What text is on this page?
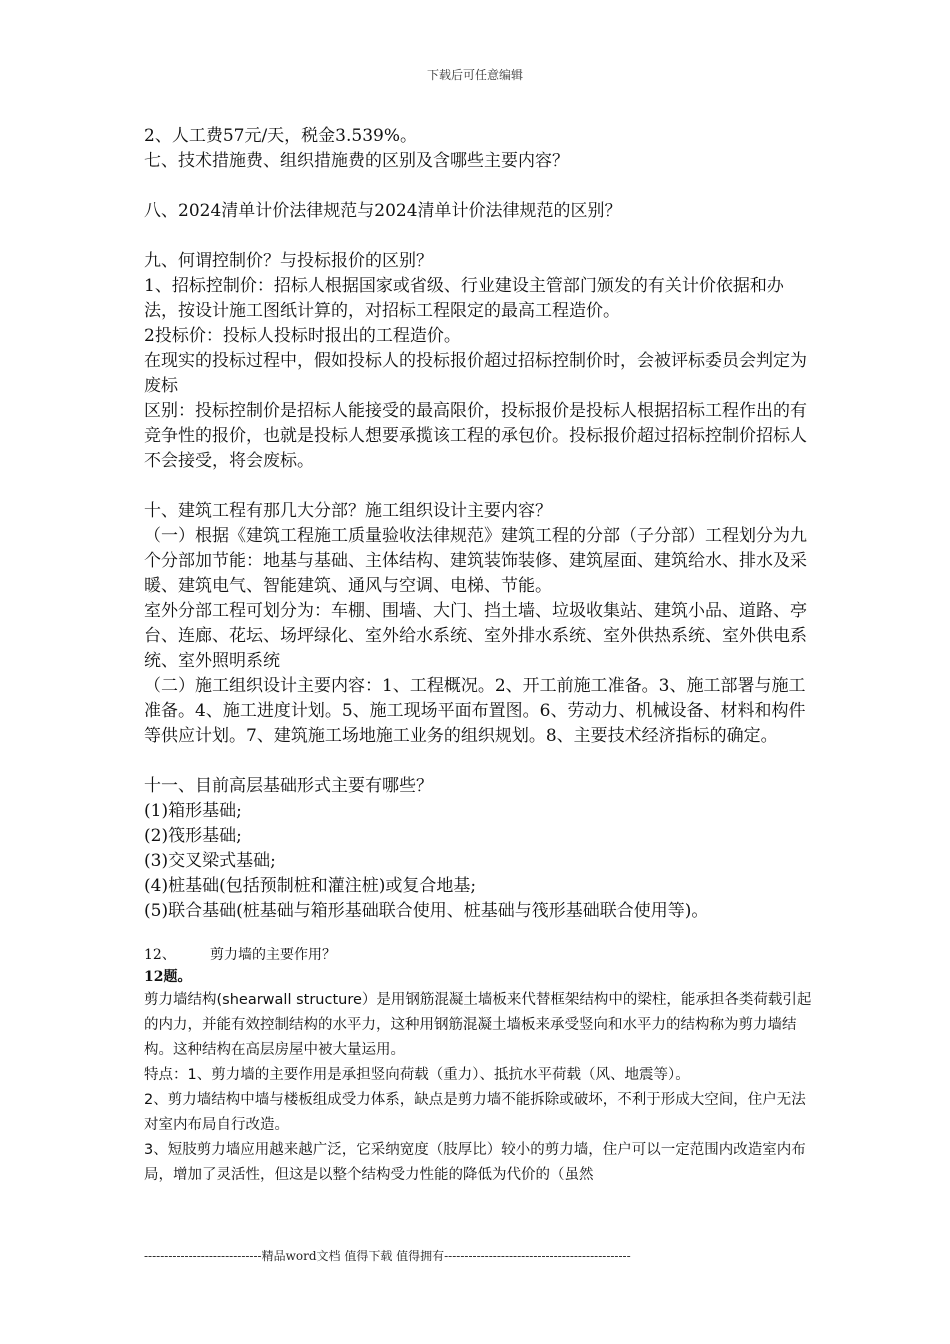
下载后可任意编辑

2、人工费57元/天，税金3.539%。

七、技术措施费、组织措施费的区别及含哪些主要内容？

八、2024清单计价法律规范与2024清单计价法律规范的区别？

九、何谓控制价？与投标报价的区别？

1、招标控制价：招标人根据国家或省级、行业建设主管部门颁发的有关计价依据和办法，按设计施工图纸计算的，对招标工程限定的最高工程造价。

2投标价：投标人投标时报出的工程造价。

在现实的投标过程中，假如投标人的投标报价超过招标控制价时，会被评标委员会判定为废标

区别：投标控制价是招标人能接受的最高限价，投标报价是投标人根据招标工程作出的有竞争性的报价，也就是投标人想要承揽该工程的承包价。投标报价超过招标控制价招标人不会接受，将会废标。

十、建筑工程有那几大分部？施工组织设计主要内容？

（一）根据《建筑工程施工质量验收法律规范》建筑工程的分部（子分部）工程划分为九个分部加节能：地基与基础、主体结构、建筑装饰装修、建筑屋面、建筑给水、排水及采暖、建筑电气、智能建筑、通风与空调、电梯、节能。

室外分部工程可划分为：车棚、围墙、大门、挡土墙、垃圾收集站、建筑小品、道路、亭台、连廊、花坛、场坪绿化、室外给水系统、室外排水系统、室外供热系统、室外供电系统、室外照明系统

（二）施工组织设计主要内容：1、工程概况。2、开工前施工准备。3、施工部署与施工准备。4、施工进度计划。5、施工现场平面布置图。6、劳动力、机械设备、材料和构件等供应计划。7、建筑施工场地施工业务的组织规划。8、主要技术经济指标的确定。

十一、目前高层基础形式主要有哪些？

(1)箱形基础;

(2)筏形基础;

(3)交叉梁式基础;

(4)桩基础(包括预制桩和灌注桩)或复合地基;

(5)联合基础(桩基础与箱形基础联合使用、桩基础与筏形基础联合使用等)。

12、	剪力墙的主要作用？

12题。

剪力墙结构(shearwall structure）是用钢筋混凝土墙板来代替框架结构中的梁柱，能承担各类荷载引起的内力，并能有效控制结构的水平力，这种用钢筋混凝土墙板来承受竖向和水平力的结构称为剪力墙结构。这种结构在高层房屋中被大量运用。

特点：1、剪力墙的主要作用是承担竖向荷载（重力）、抵抗水平荷载（风、地震等）。

2、剪力墙结构中墙与楼板组成受力体系，缺点是剪力墙不能拆除或破坏，不利于形成大空间，住户无法对室内布局自行改造。

3、短肢剪力墙应用越来越广泛，它采纳宽度（肢厚比）较小的剪力墙，住户可以一定范围内改造室内布局，增加了灵活性，但这是以整个结构受力性能的降低为代价的（虽然

-----------------------------精品word文档 值得下载 值得拥有----------------------------------------------
